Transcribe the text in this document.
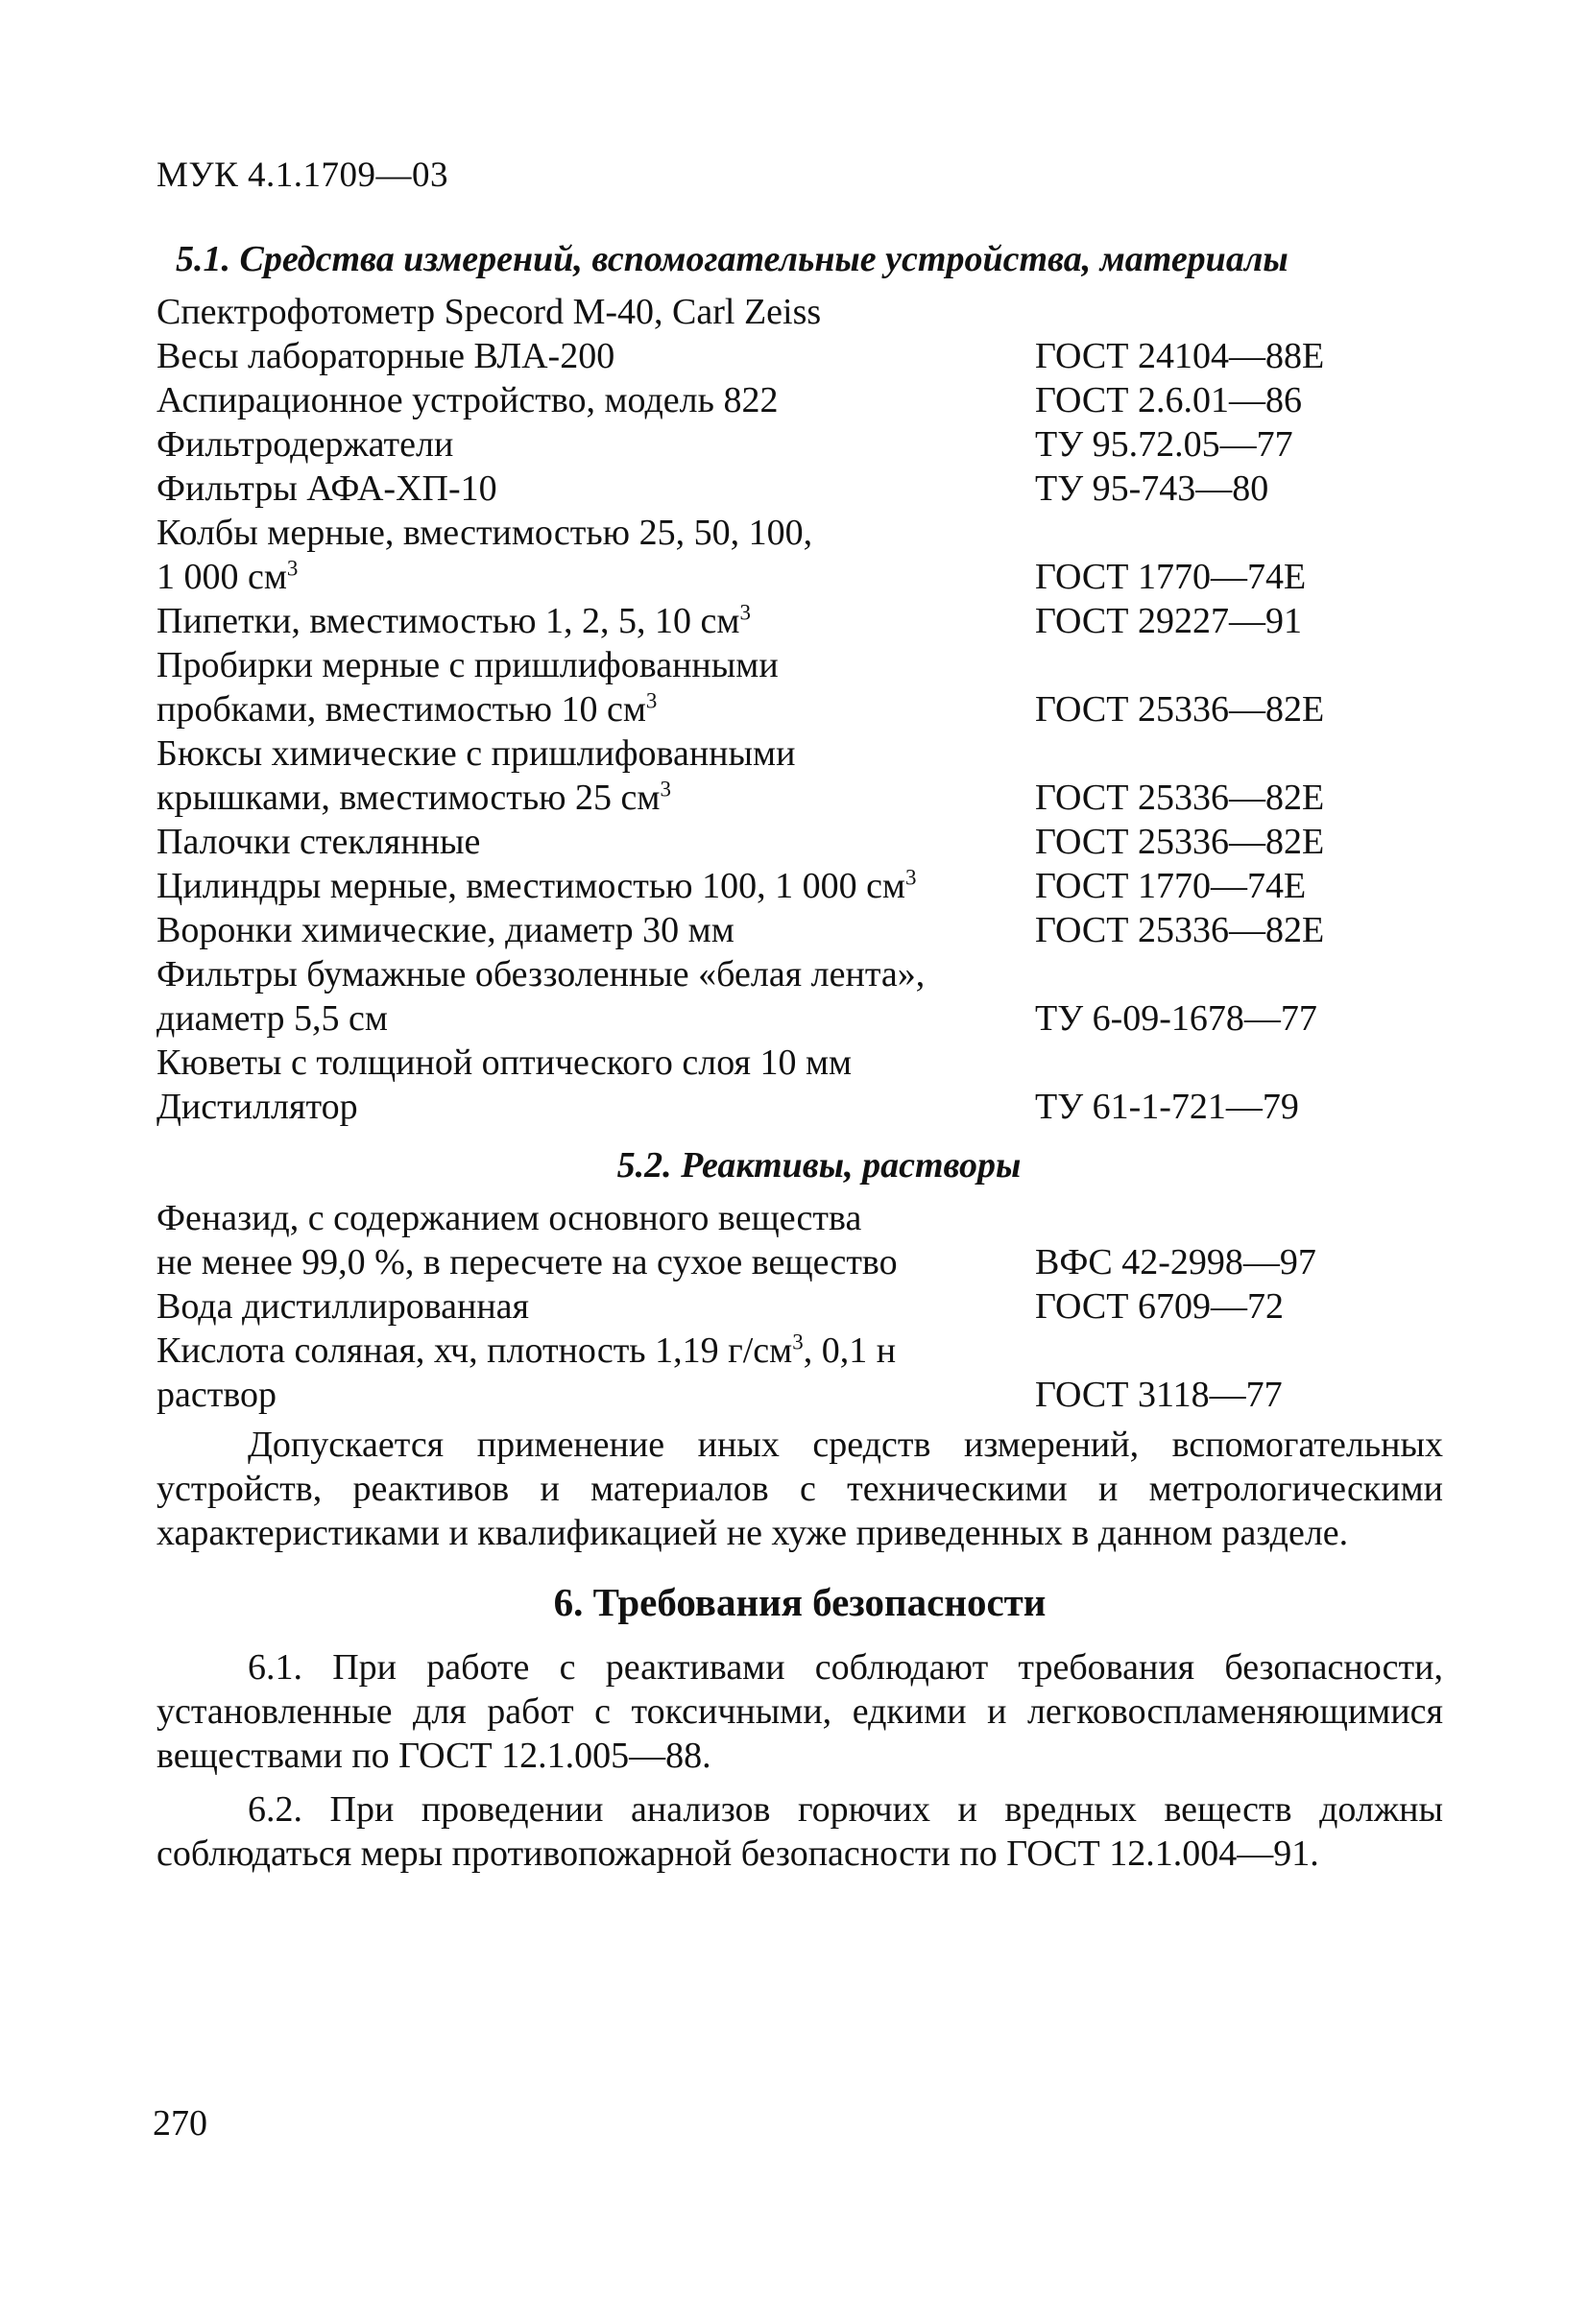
МУК 4.1.1709—03
5.1. Средства измерений, вспомогательные устройства, материалы
Спектрофотометр Specord M-40, Carl Zeiss
Весы лабораторные ВЛА-200	ГОСТ 24104—88Е
Аспирационное устройство, модель 822	ГОСТ 2.6.01—86
Фильтродержатели	ТУ 95.72.05—77
Фильтры АФА-ХП-10	ТУ 95-743—80
Колбы мерные, вместимостью 25, 50, 100,
1 000 $см^3$	ГОСТ 1770—74Е
Пипетки, вместимостью 1, 2, 5, 10 $см^3$	ГОСТ 29227—91
Пробирки мерные с пришлифованными
пробками, вместимостью 10 $см^3$	ГОСТ 25336—82Е
Бюксы химические с пришлифованными
крышками, вместимостью 25 $см^3$	ГОСТ 25336—82Е
Палочки стеклянные	ГОСТ 25336—82Е
Цилиндры мерные, вместимостью 100, 1 000 $см^3$	ГОСТ 1770—74Е
Воронки химические, диаметр 30 мм	ГОСТ 25336—82Е
Фильтры бумажные обеззоленные «белая лента»,
диаметр 5,5 см	ТУ 6-09-1678—77
Кюветы с толщиной оптического слоя 10 мм
Дистиллятор	ТУ 61-1-721—79
5.2. Реактивы, растворы
Феназид, с содержанием основного вещества
не менее 99,0 %, в пересчете на сухое вещество	ВФС 42-2998—97
Вода дистиллированная	ГОСТ 6709—72
Кислота соляная, хч, плотность 1,19 $г/см^3$, 0,1 н
раствор	ГОСТ 3118—77

Допускается применение иных средств измерений, вспомогательных устройств, реактивов и материалов с техническими и метрологическими характеристиками и квалификацией не хуже приведенных в данном разделе.

6. Требования безопасности

6.1. При работе с реактивами соблюдают требования безопасности, установленные для работ с токсичными, едкими и легковоспламеняющимися веществами по ГОСТ 12.1.005—88.

6.2. При проведении анализов горючих и вредных веществ должны соблюдаться меры противопожарной безопасности по ГОСТ 12.1.004—91.

270
